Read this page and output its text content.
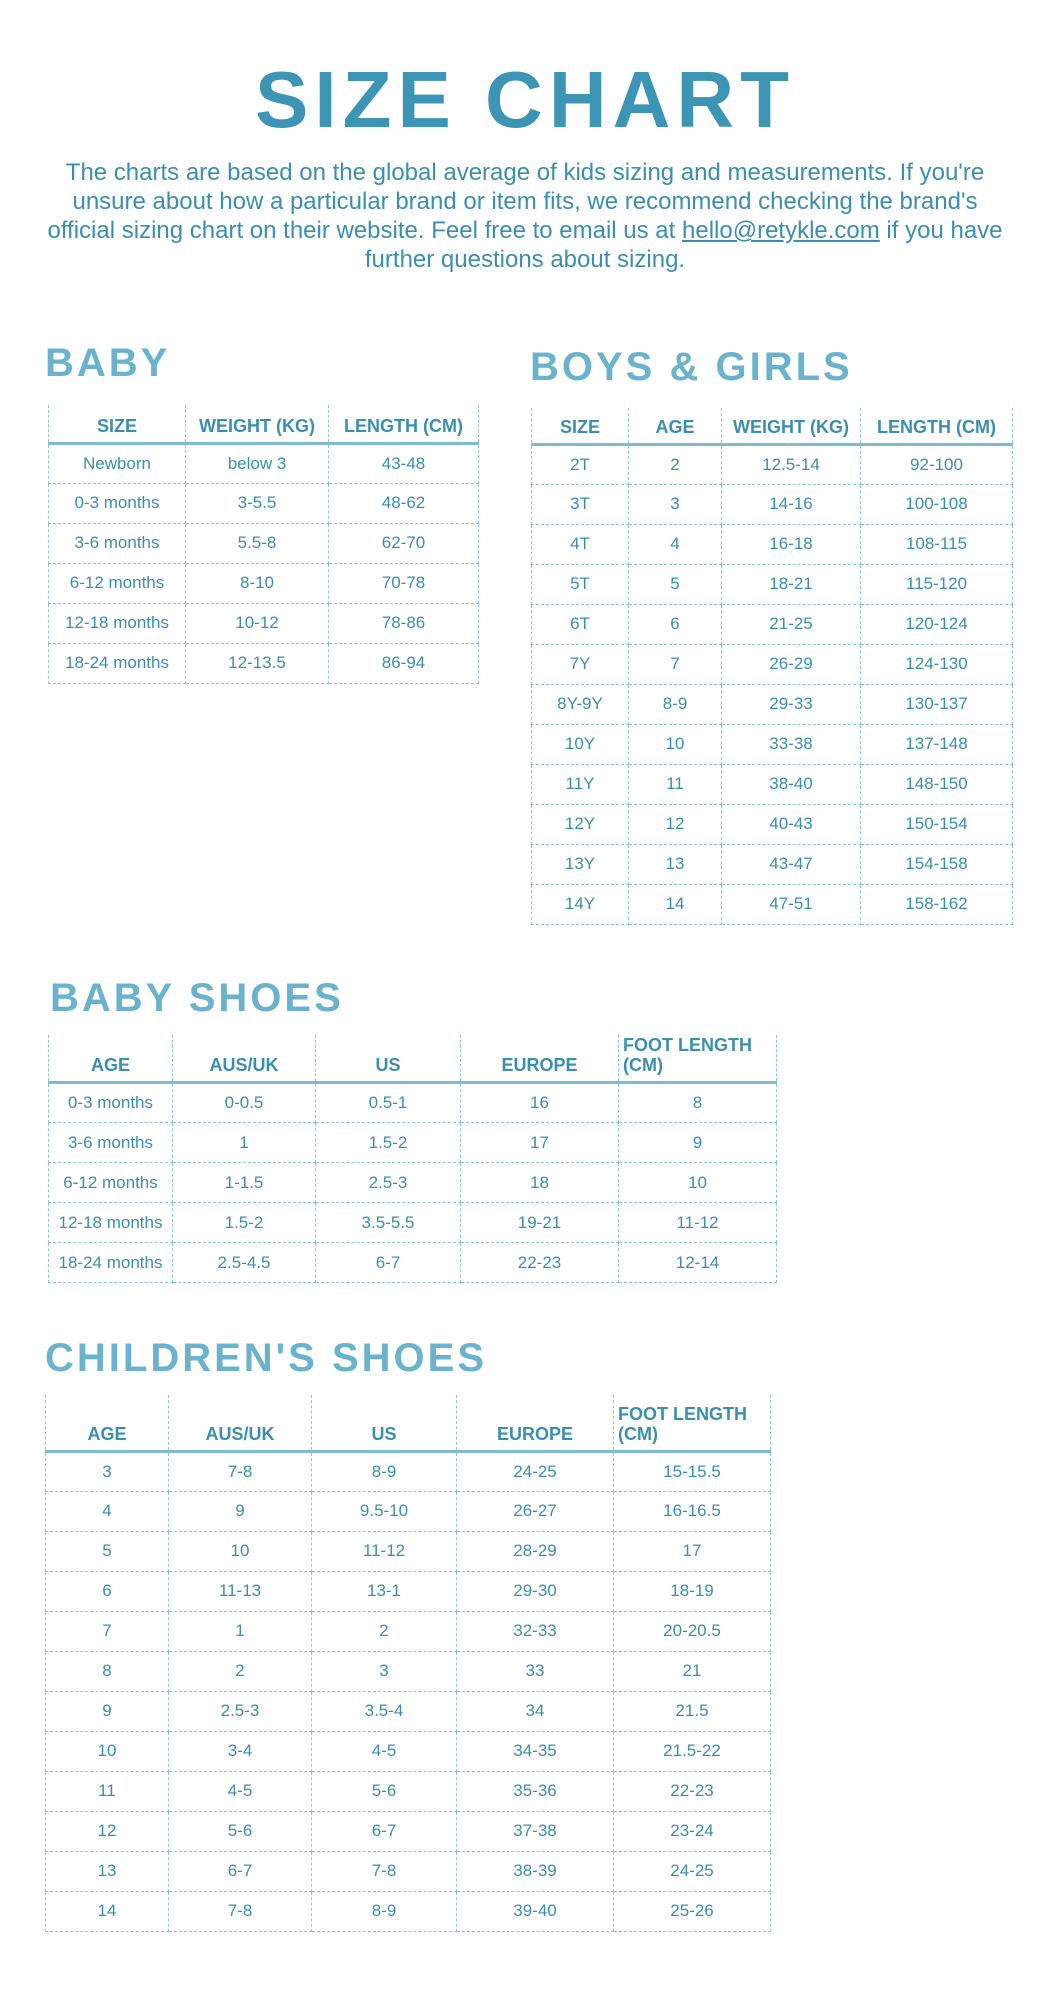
SIZE CHART

The charts are based on the global average of kids sizing and measurements. If you're unsure about how a particular brand or item fits, we recommend checking the brand's official sizing chart on their website. Feel free to email us at hello@retykle.com if you have further questions about sizing.

BABY
SIZE	WEIGHT (KG)	LENGTH (CM)
Newborn	below 3	43-48
0-3 months	3-5.5	48-62
3-6 months	5.5-8	62-70
6-12 months	8-10	70-78
12-18 months	10-12	78-86
18-24 months	12-13.5	86-94
BOYS & GIRLS
SIZE	AGE	WEIGHT (KG)	LENGTH (CM)
2T	2	12.5-14	92-100
3T	3	14-16	100-108
4T	4	16-18	108-115
5T	5	18-21	115-120
6T	6	21-25	120-124
7Y	7	26-29	124-130
8Y-9Y	8-9	29-33	130-137
10Y	10	33-38	137-148
11Y	11	38-40	148-150
12Y	12	40-43	150-154
13Y	13	43-47	154-158
14Y	14	47-51	158-162
BABY SHOES
AGE	AUS/UK	US	EUROPE	FOOT LENGTH (CM)
0-3 months	0-0.5	0.5-1	16	8
3-6 months	1	1.5-2	17	9
6-12 months	1-1.5	2.5-3	18	10
12-18 months	1.5-2	3.5-5.5	19-21	11-12
18-24 months	2.5-4.5	6-7	22-23	12-14
CHILDREN'S SHOES
AGE	AUS/UK	US	EUROPE	FOOT LENGTH (CM)
3	7-8	8-9	24-25	15-15.5
4	9	9.5-10	26-27	16-16.5
5	10	11-12	28-29	17
6	11-13	13-1	29-30	18-19
7	1	2	32-33	20-20.5
8	2	3	33	21
9	2.5-3	3.5-4	34	21.5
10	3-4	4-5	34-35	21.5-22
11	4-5	5-6	35-36	22-23
12	5-6	6-7	37-38	23-24
13	6-7	7-8	38-39	24-25
14	7-8	8-9	39-40	25-26
